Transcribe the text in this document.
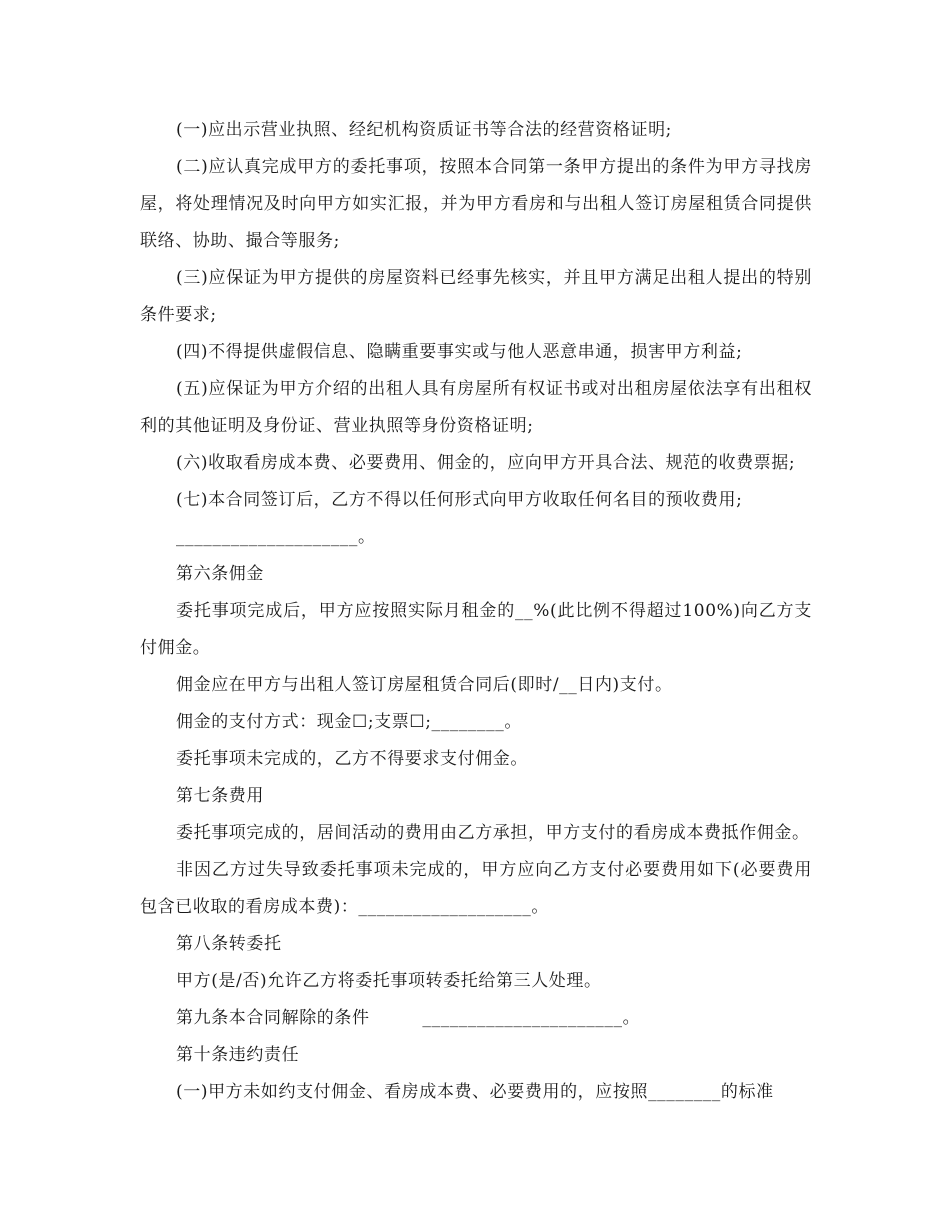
(一)应出示营业执照、经纪机构资质证书等合法的经营资格证明;

(二)应认真完成甲方的委托事项，按照本合同第一条甲方提出的条件为甲方寻找房屋，将处理情况及时向甲方如实汇报，并为甲方看房和与出租人签订房屋租赁合同提供联络、协助、撮合等服务;

(三)应保证为甲方提供的房屋资料已经事先核实，并且甲方满足出租人提出的特别条件要求;

(四)不得提供虚假信息、隐瞒重要事实或与他人恶意串通，损害甲方利益;

(五)应保证为甲方介绍的出租人具有房屋所有权证书或对出租房屋依法享有出租权利的其他证明及身份证、营业执照等身份资格证明;

(六)收取看房成本费、必要费用、佣金的，应向甲方开具合法、规范的收费票据;

(七)本合同签订后，乙方不得以任何形式向甲方收取任何名目的预收费用;

____________________。

第六条佣金

委托事项完成后，甲方应按照实际月租金的__%(此比例不得超过100%)向乙方支付佣金。

佣金应在甲方与出租人签订房屋租赁合同后(即时/__日内)支付。

佣金的支付方式：现金☐;支票☐;________。

委托事项未完成的，乙方不得要求支付佣金。

第七条费用

委托事项完成的，居间活动的费用由乙方承担，甲方支付的看房成本费抵作佣金。

非因乙方过失导致委托事项未完成的，甲方应向乙方支付必要费用如下(必要费用包含已收取的看房成本费)：___________________。

第八条转委托

甲方(是/否)允许乙方将委托事项转委托给第三人处理。

第九条本合同解除的条件　　　______________________。

第十条违约责任

(一)甲方未如约支付佣金、看房成本费、必要费用的，应按照________的标准
